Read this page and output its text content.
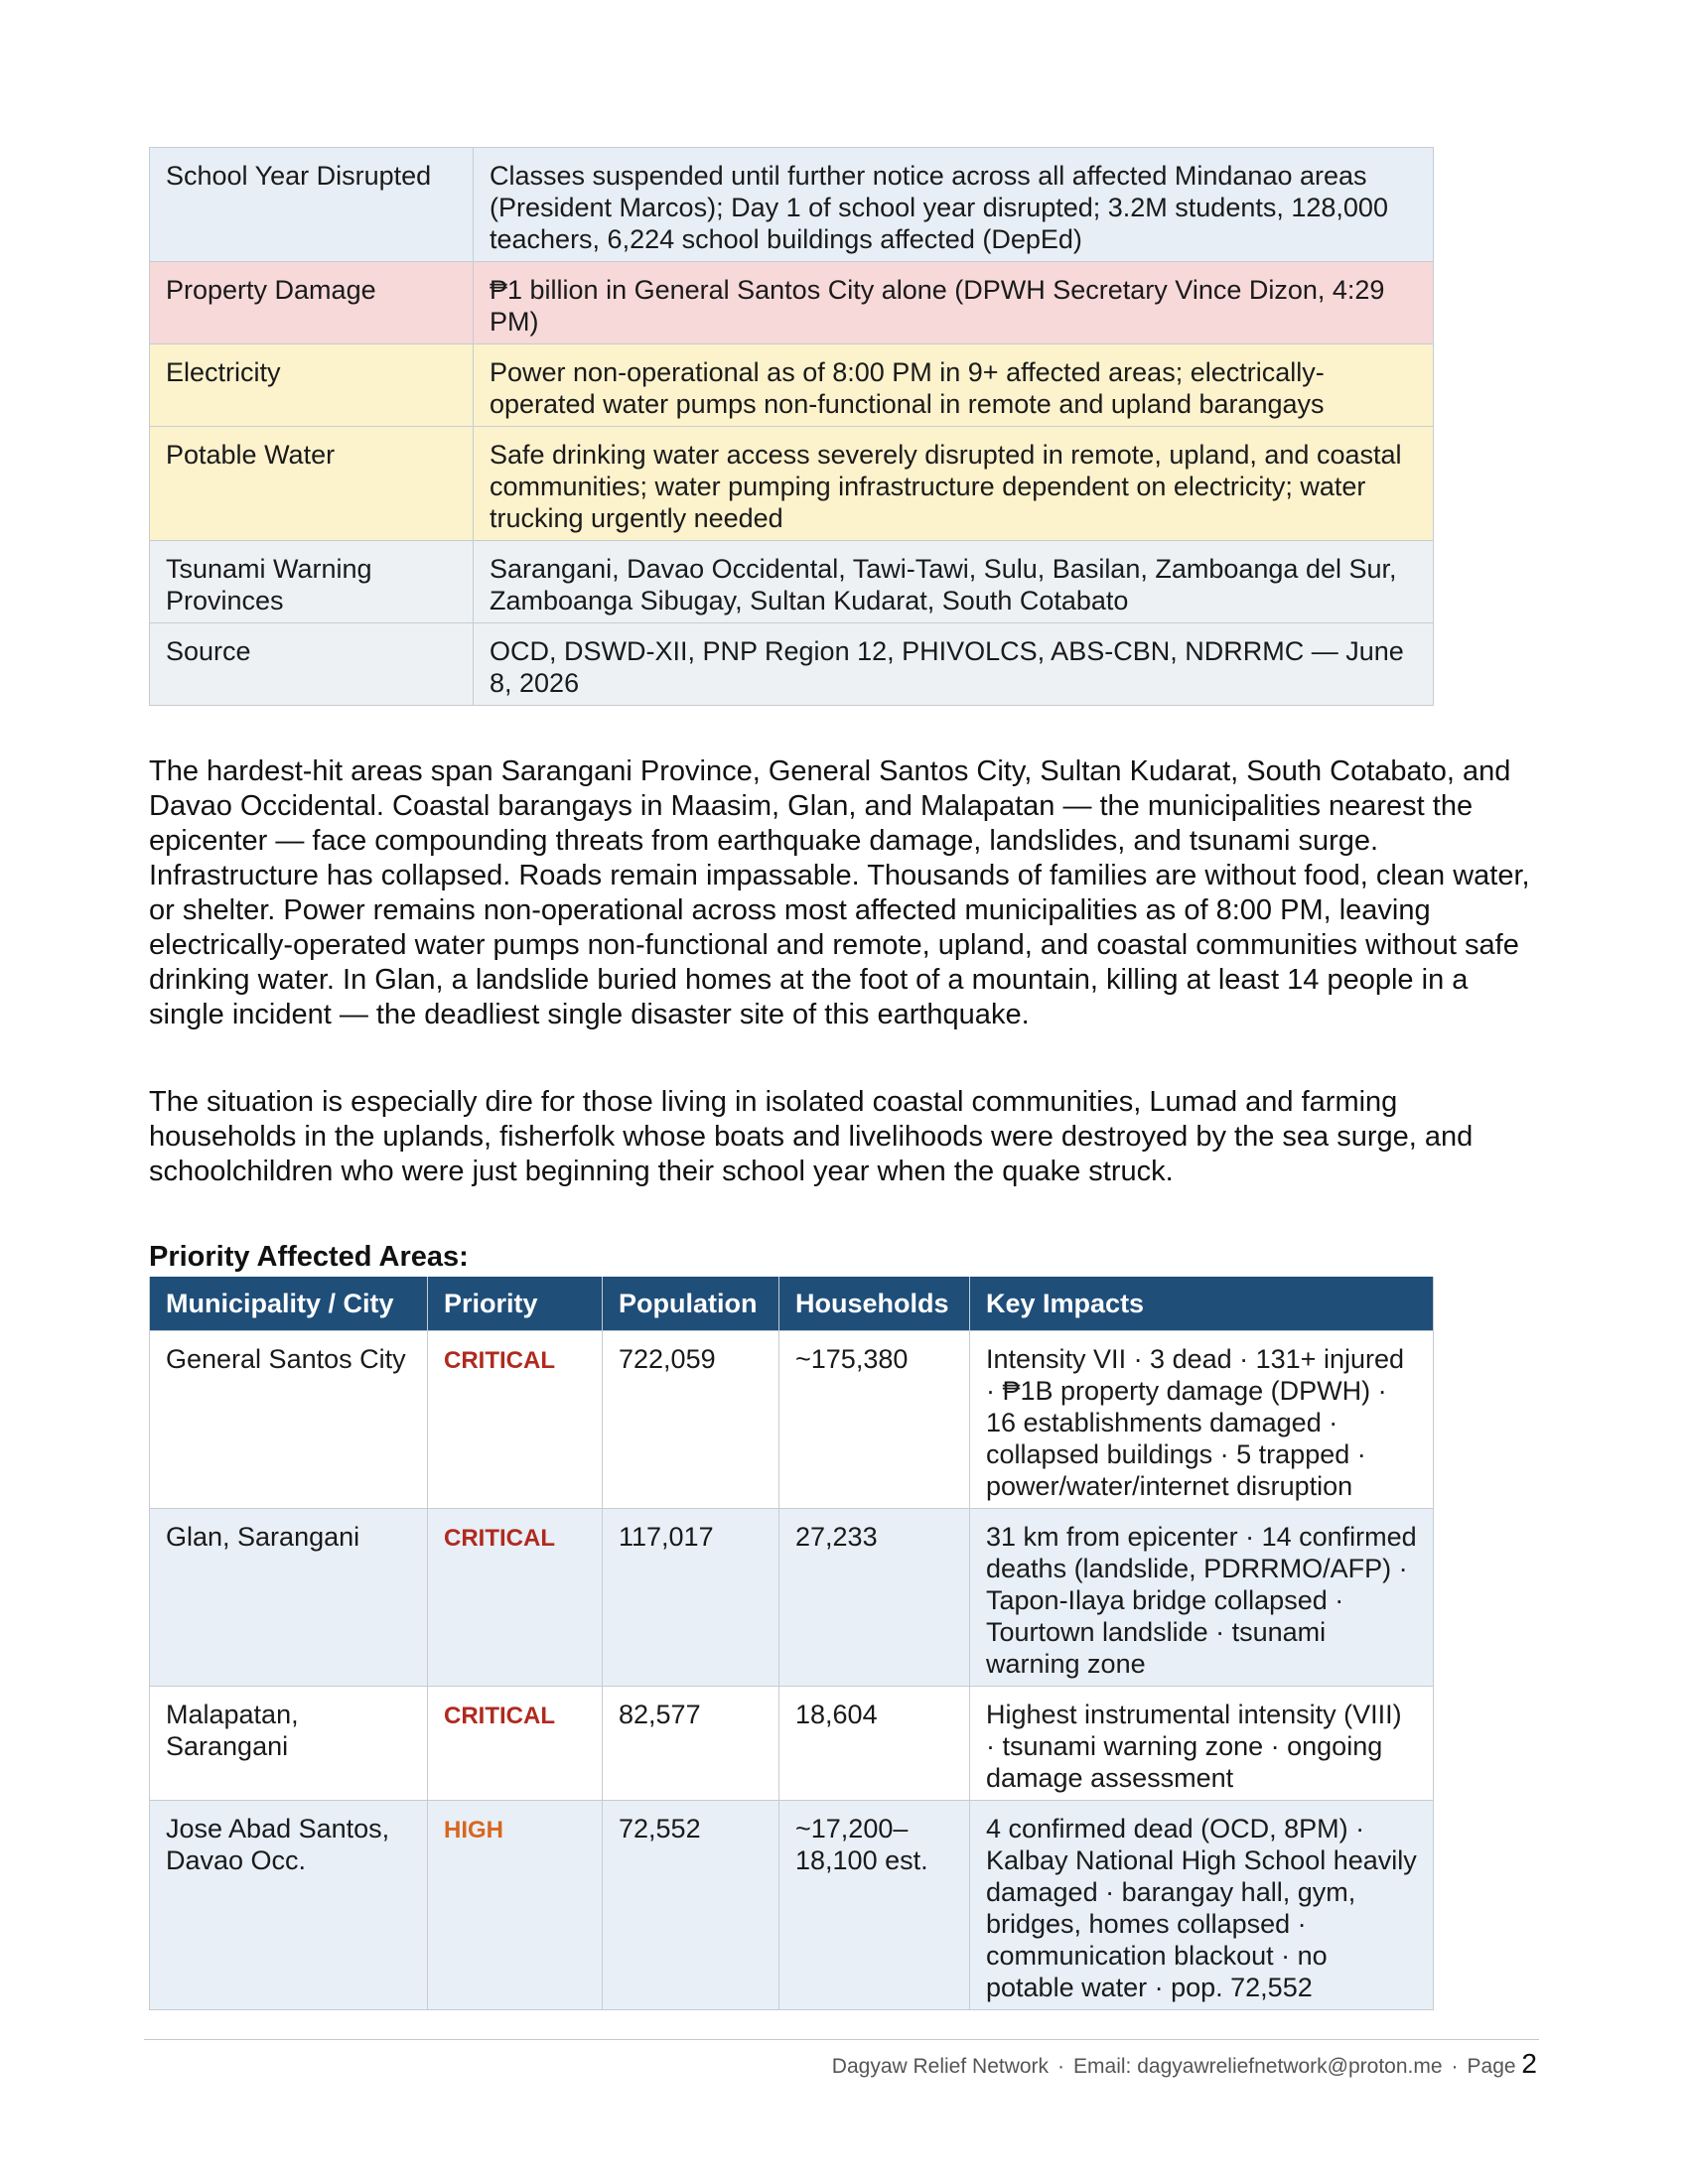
School Year Disrupted	Classes suspended until further notice across all affected Mindanao areas (President Marcos); Day 1 of school year disrupted; 3.2M students, 128,000 teachers, 6,224 school buildings affected (DepEd)
Property Damage	₱1 billion in General Santos City alone (DPWH Secretary Vince Dizon, 4:29 PM)
Electricity	Power non-operational as of 8:00 PM in 9+ affected areas; electrically-operated water pumps non-functional in remote and upland barangays
Potable Water	Safe drinking water access severely disrupted in remote, upland, and coastal communities; water pumping infrastructure dependent on electricity; water trucking urgently needed
Tsunami Warning Provinces	Sarangani, Davao Occidental, Tawi-Tawi, Sulu, Basilan, Zamboanga del Sur, Zamboanga Sibugay, Sultan Kudarat, South Cotabato
Source	OCD, DSWD-XII, PNP Region 12, PHIVOLCS, ABS-CBN, NDRRMC — June 8, 2026

The hardest-hit areas span Sarangani Province, General Santos City, Sultan Kudarat, South Cotabato, and Davao Occidental. Coastal barangays in Maasim, Glan, and Malapatan — the municipalities nearest the epicenter — face compounding threats from earthquake damage, landslides, and tsunami surge. Infrastructure has collapsed. Roads remain impassable. Thousands of families are without food, clean water, or shelter. Power remains non-operational across most affected municipalities as of 8:00 PM, leaving electrically-operated water pumps non-functional and remote, upland, and coastal communities without safe drinking water. In Glan, a landslide buried homes at the foot of a mountain, killing at least 14 people in a single incident — the deadliest single disaster site of this earthquake.

The situation is especially dire for those living in isolated coastal communities, Lumad and farming households in the uplands, fisherfolk whose boats and livelihoods were destroyed by the sea surge, and schoolchildren who were just beginning their school year when the quake struck.

Priority Affected Areas:
Municipality / City	Priority	Population	Households	Key Impacts
General Santos City	CRITICAL	722,059	~175,380	Intensity VII · 3 dead · 131+ injured · ₱1B property damage (DPWH) · 16 establishments damaged · collapsed buildings · 5 trapped · power/water/internet disruption
Glan, Sarangani	CRITICAL	117,017	27,233	31 km from epicenter · 14 confirmed deaths (landslide, PDRRMO/AFP) · Tapon-Ilaya bridge collapsed · Tourtown landslide · tsunami warning zone
Malapatan, Sarangani	CRITICAL	82,577	18,604	Highest instrumental intensity (VIII) · tsunami warning zone · ongoing damage assessment
Jose Abad Santos, Davao Occ.	HIGH	72,552	~17,200–18,100 est.	4 confirmed dead (OCD, 8PM) · Kalbay National High School heavily damaged · barangay hall, gym, bridges, homes collapsed · communication blackout · no potable water · pop. 72,552
Dagyaw Relief Network · Email: dagyawreliefnetwork@proton.me · Page 2
